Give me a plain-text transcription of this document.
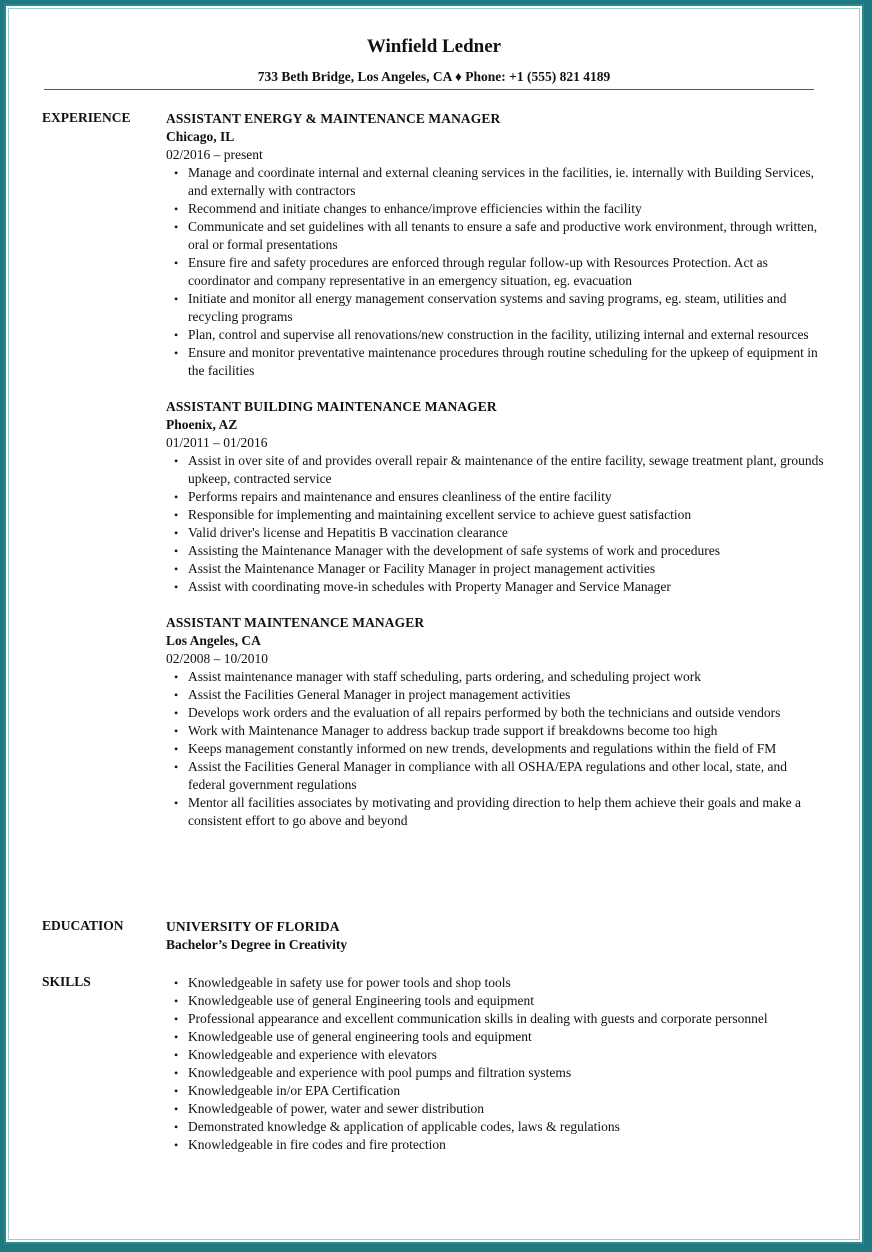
Winfield Ledner
733 Beth Bridge, Los Angeles, CA ♦ Phone: +1 (555) 821 4189
EXPERIENCE	ASSISTANT ENERGY & MAINTENANCE MANAGER
Chicago, IL
02/2016 – present
• Manage and coordinate internal and external cleaning services in the facilities, ie. internally with Building Services, and externally with contractors
• Recommend and initiate changes to enhance/improve efficiencies within the facility
• Communicate and set guidelines with all tenants to ensure a safe and productive work environment, through written, oral or formal presentations
• Ensure fire and safety procedures are enforced through regular follow-up with Resources Protection. Act as coordinator and company representative in an emergency situation, eg. evacuation
• Initiate and monitor all energy management conservation systems and saving programs, eg. steam, utilities and recycling programs
• Plan, control and supervise all renovations/new construction in the facility, utilizing internal and external resources
• Ensure and monitor preventative maintenance procedures through routine scheduling for the upkeep of equipment in the facilities
ASSISTANT BUILDING MAINTENANCE MANAGER
Phoenix, AZ
01/2011 – 01/2016
• Assist in over site of and provides overall repair & maintenance of the entire facility, sewage treatment plant, grounds upkeep, contracted service
• Performs repairs and maintenance and ensures cleanliness of the entire facility
• Responsible for implementing and maintaining excellent service to achieve guest satisfaction
• Valid driver's license and Hepatitis B vaccination clearance
• Assisting the Maintenance Manager with the development of safe systems of work and procedures
• Assist the Maintenance Manager or Facility Manager in project management activities
• Assist with coordinating move-in schedules with Property Manager and Service Manager
ASSISTANT MAINTENANCE MANAGER
Los Angeles, CA
02/2008 – 10/2010
• Assist maintenance manager with staff scheduling, parts ordering, and scheduling project work
• Assist the Facilities General Manager in project management activities
• Develops work orders and the evaluation of all repairs performed by both the technicians and outside vendors
• Work with Maintenance Manager to address backup trade support if breakdowns become too high
• Keeps management constantly informed on new trends, developments and regulations within the field of FM
• Assist the Facilities General Manager in compliance with all OSHA/EPA regulations and other local, state, and federal government regulations
• Mentor all facilities associates by motivating and providing direction to help them achieve their goals and make a consistent effort to go above and beyond
EDUCATION	UNIVERSITY OF FLORIDA
Bachelor’s Degree in Creativity
SKILLS
•	Knowledgeable in safety use for power tools and shop tools
• Knowledgeable use of general Engineering tools and equipment
• Professional appearance and excellent communication skills in dealing with guests and corporate personnel
• Knowledgeable use of general engineering tools and equipment
• Knowledgeable and experience with elevators
• Knowledgeable and experience with pool pumps and filtration systems
• Knowledgeable in/or EPA Certification
• Knowledgeable of power, water and sewer distribution
• Demonstrated knowledge & application of applicable codes, laws & regulations
• Knowledgeable in fire codes and fire protection
